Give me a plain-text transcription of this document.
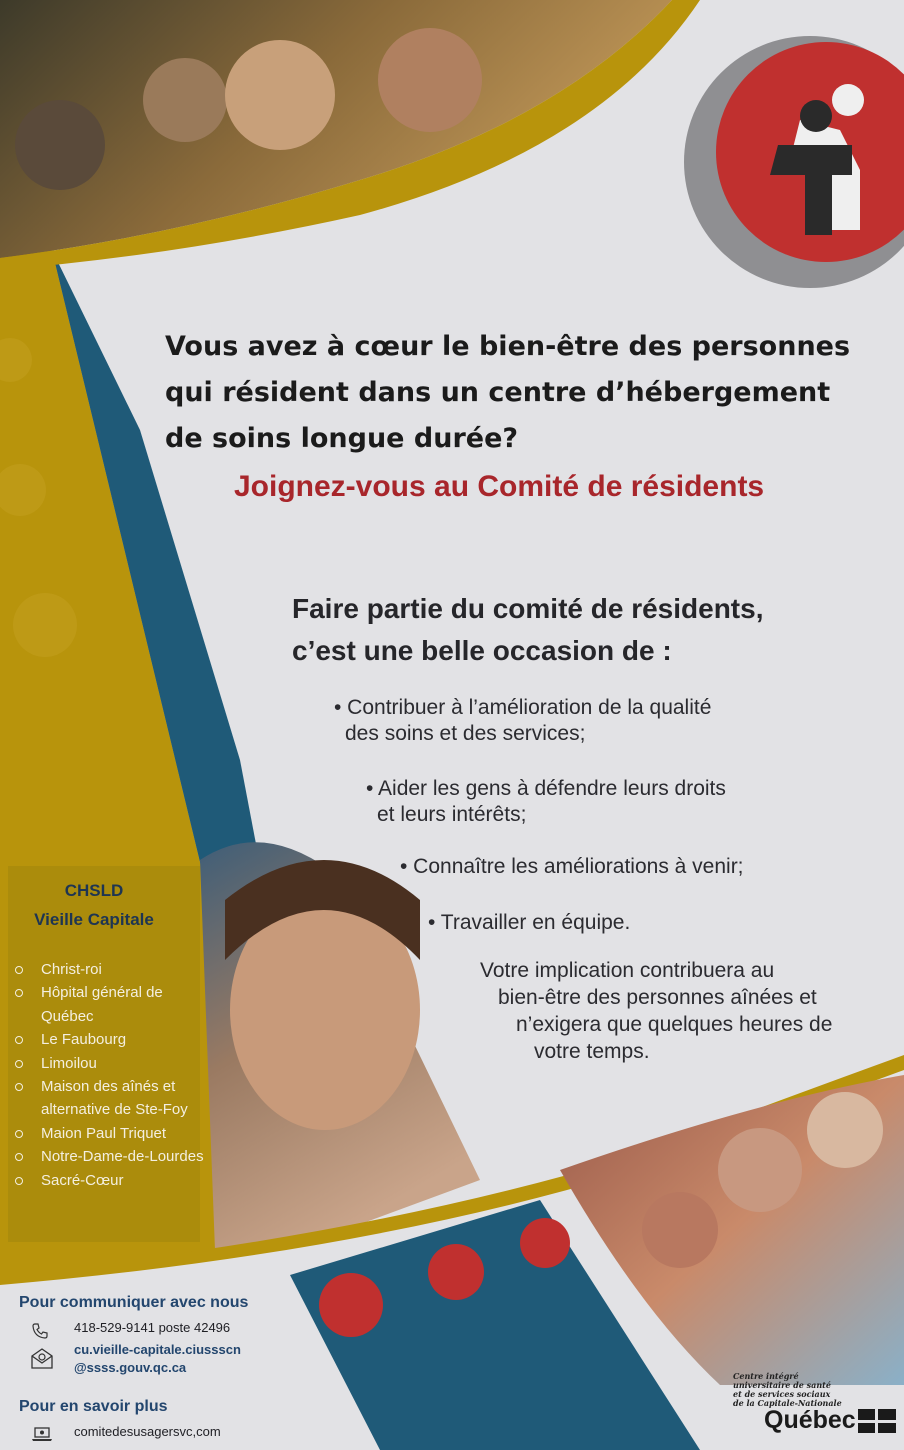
Vous avez à cœur le bien-être des personnes
qui résident dans un centre d’hébergement
de soins longue durée?
Joignez-vous au Comité de résidents
Faire partie du comité de résidents,
c’est une belle occasion de :
• Contribuer à l’amélioration de la qualité
des soins et des services;
• Aider les gens à défendre leurs droits
et leurs intérêts;
• Connaître les améliorations à venir;
• Travailler en équipe.
Votre implication contribuera au
bien-être des personnes aînées et
n’exigera que quelques heures de
votre temps.
CHSLD
Vieille Capitale
Christ-roi
Hôpital général de Québec
Le Faubourg
Limoilou
Maison des aînés et alternative de Ste-Foy
Maion Paul Triquet
Notre-Dame-de-Lourdes
Sacré-Cœur
Pour communiquer avec nous
418-529-9141 poste 42496
cu.vieille-capitale.ciussscn
@ssss.gouv.qc.ca
Pour en savoir plus
comitedesusagersvc,com
Centre intégré
universitaire de santé
et de services sociaux
de la Capitale-Nationale
Québec
